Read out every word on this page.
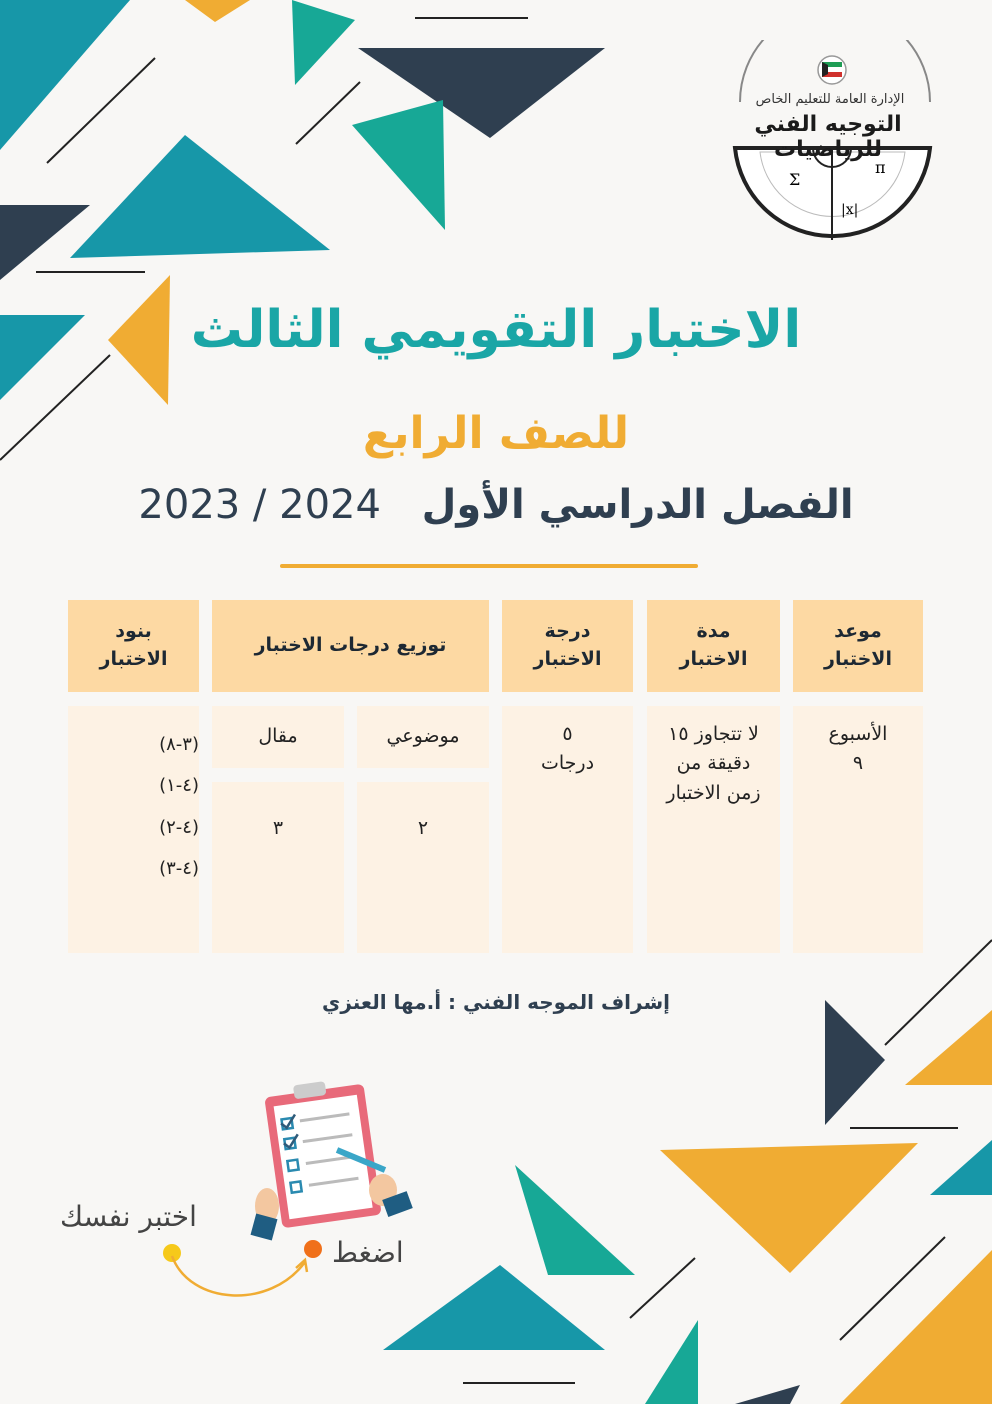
Σ
π
|x|
الإدارة العامة للتعليم الخاص
التوجيه الفني للرياضيات
الاختبار التقويمي الثالث
للصف الرابع
الفصل الدراسي الأول 2023 / 2024
موعد الاختبار
مدة الاختبار
درجة الاختبار
توزيع درجات الاختبار
بنود الاختبار
الأسبوع ٩
لا تتجاوز ١٥ دقيقة من زمن الاختبار
٥ درجات
موضوعي
مقال
٢
٣
(٣-٨)
(٤-١)
(٤-٢)
(٤-٣)
إشراف الموجه الفني : أ.مها العنزي
اضغط
اختبر نفسك
